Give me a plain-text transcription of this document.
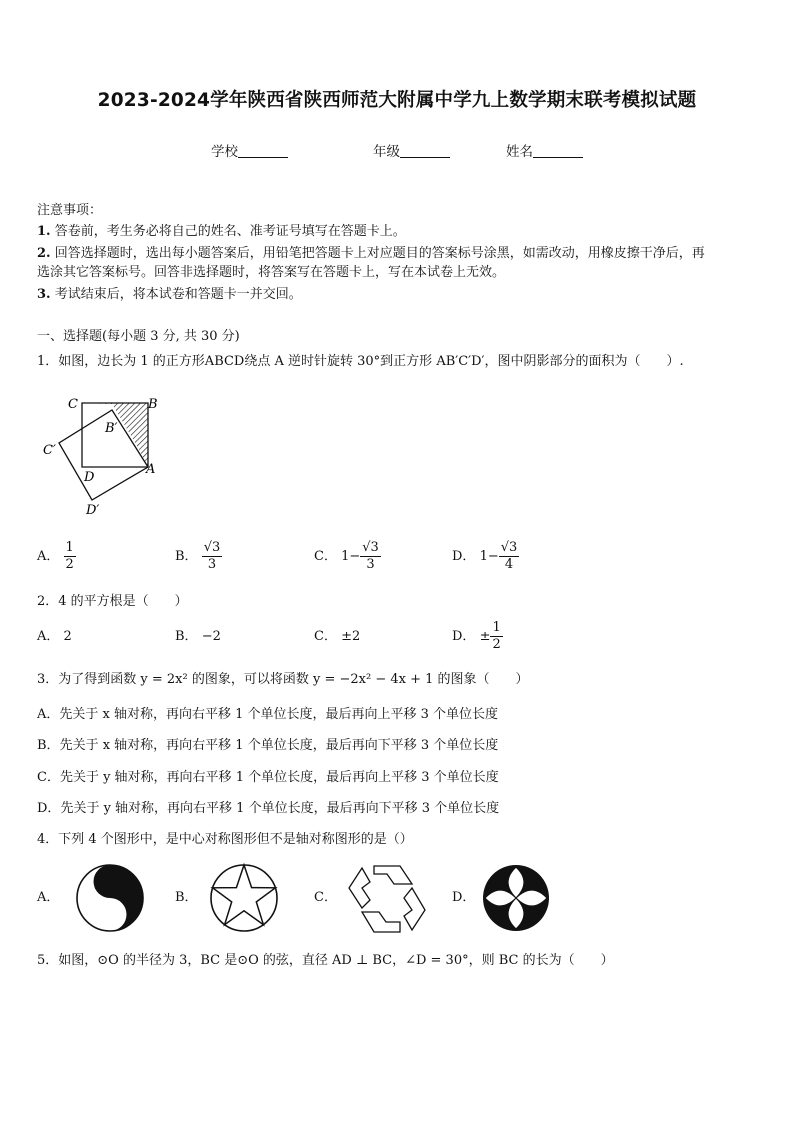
2023-2024学年陕西省陕西师范大附属中学九上数学期末联考模拟试题
学校	年级	姓名
注意事项：
1. 答卷前，考生务必将自己的姓名、准考证号填写在答题卡上。
2. 回答选择题时，选出每小题答案后，用铅笔把答题卡上对应题目的答案标号涂黑，如需改动，用橡皮擦干净后，再
选涂其它答案标号。回答非选择题时，将答案写在答题卡上，写在本试卷上无效。
3. 考试结束后，将本试卷和答题卡一并交回。
一、选择题(每小题 3 分, 共 30 分)
1．如图，边长为 1 的正方形ABCD绕点 A 逆时针旋转 30°到正方形 AB′C′D′，图中阴影部分的面积为（　　）.
C	B
B′
C′
D
A
D′
A． $\frac{1}{2}$	B． $\frac{√3}{3}$	C． $1- \frac{√3}{3}$	D． $1- \frac{√3}{4}$
2．4 的平方根是（　　）
A． 2	B． −2	C． ±2	D． ± $\frac{1}{2}$
3．为了得到函数 y = 2x² 的图象，可以将函数 y = −2x² − 4x + 1 的图象（　　）
A．先关于 x 轴对称，再向右平移 1 个单位长度，最后再向上平移 3 个单位长度
B．先关于 x 轴对称，再向右平移 1 个单位长度，最后再向下平移 3 个单位长度
C．先关于 y 轴对称，再向右平移 1 个单位长度，最后再向上平移 3 个单位长度
D．先关于 y 轴对称，再向右平移 1 个单位长度，最后再向下平移 3 个单位长度
4．下列 4 个图形中，是中心对称图形但不是轴对称图形的是（）
A．	B．	C．	D．
5．如图，⊙O 的半径为 3，BC 是⊙O 的弦，直径 AD ⊥ BC，∠D = 30°，则 BC 的长为（　　）
